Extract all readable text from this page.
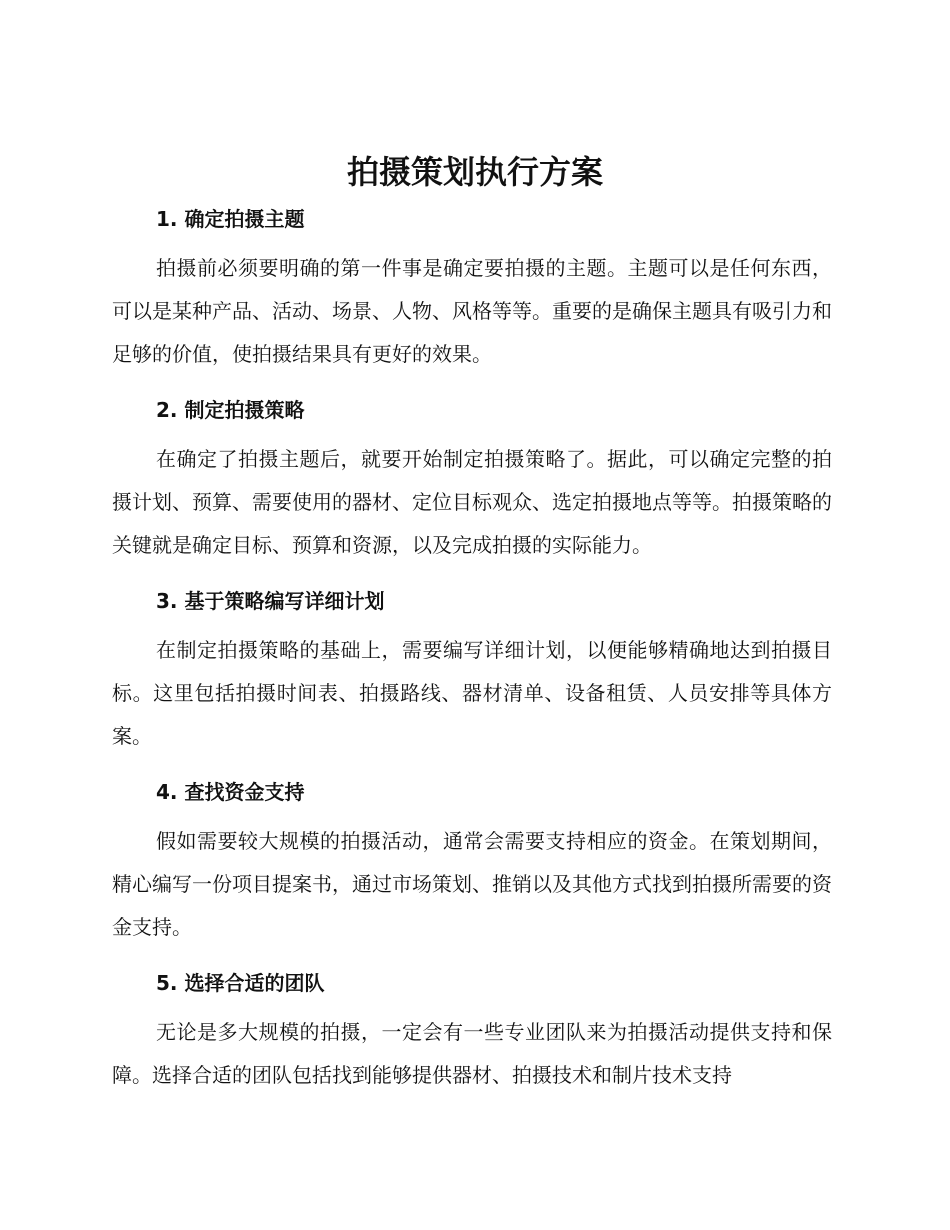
拍摄策划执行方案
1. 确定拍摄主题

拍摄前必须要明确的第一件事是确定要拍摄的主题。主题可以是任何东西，可以是某种产品、活动、场景、人物、风格等等。重要的是确保主题具有吸引力和足够的价值，使拍摄结果具有更好的效果。

2. 制定拍摄策略

在确定了拍摄主题后，就要开始制定拍摄策略了。据此，可以确定完整的拍摄计划、预算、需要使用的器材、定位目标观众、选定拍摄地点等等。拍摄策略的关键就是确定目标、预算和资源，以及完成拍摄的实际能力。

3. 基于策略编写详细计划

在制定拍摄策略的基础上，需要编写详细计划，以便能够精确地达到拍摄目标。这里包括拍摄时间表、拍摄路线、器材清单、设备租赁、人员安排等具体方案。

4. 查找资金支持

假如需要较大规模的拍摄活动，通常会需要支持相应的资金。在策划期间，精心编写一份项目提案书，通过市场策划、推销以及其他方式找到拍摄所需要的资金支持。

5. 选择合适的团队

无论是多大规模的拍摄，一定会有一些专业团队来为拍摄活动提供支持和保障。选择合适的团队包括找到能够提供器材、拍摄技术和制片技术支持
